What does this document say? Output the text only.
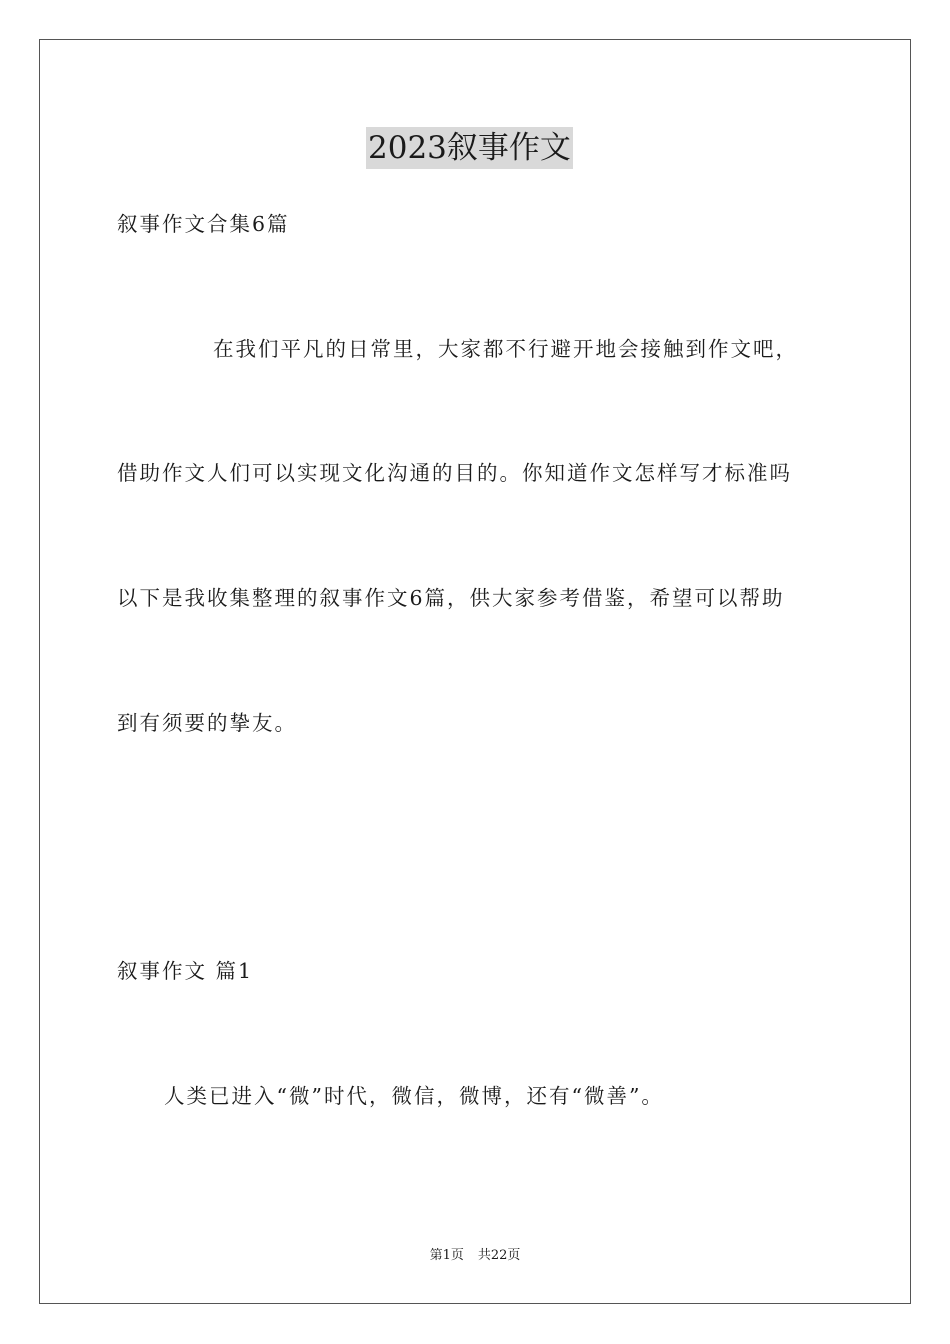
2023叙事作文
叙事作文合集6篇
在我们平凡的日常里，大家都不行避开地会接触到作文吧，
借助作文人们可以实现文化沟通的目的。你知道作文怎样写才标准吗
以下是我收集整理的叙事作文6篇，供大家参考借鉴，希望可以帮助
到有须要的挚友。
叙事作文 篇1
人类已进入“微”时代，微信，微博，还有“微善”。
第1页 共22页
